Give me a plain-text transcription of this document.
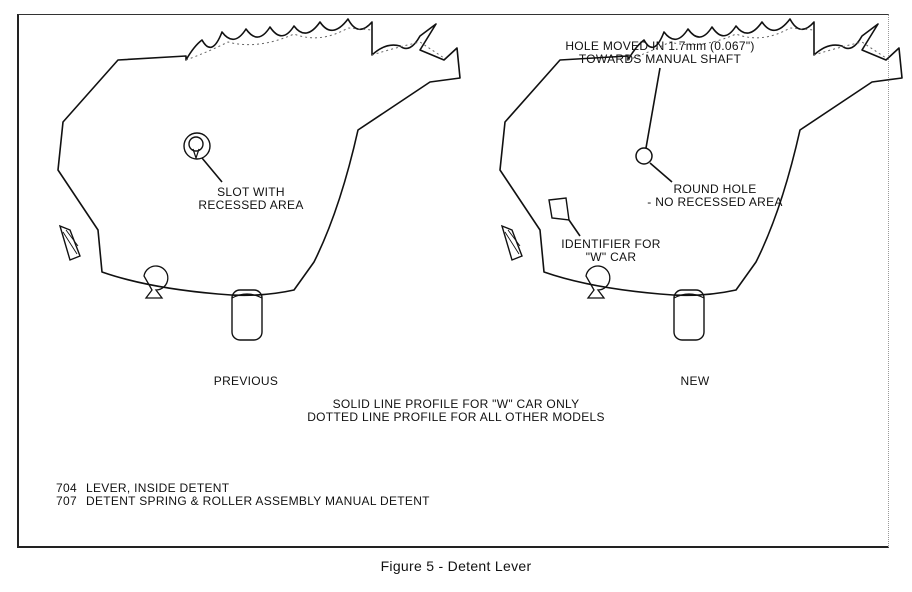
SLOT WITH
RECESSED AREA
PREVIOUS
HOLE MOVED IN 1.7mm (0.067")
TOWARDS MANUAL SHAFT
ROUND HOLE
- NO RECESSED AREA
IDENTIFIER FOR
"W" CAR
NEW
SOLID LINE PROFILE FOR "W" CAR ONLY
DOTTED LINE PROFILE FOR ALL OTHER MODELS
704 LEVER, INSIDE DETENT
707 DETENT SPRING & ROLLER ASSEMBLY MANUAL DETENT
Figure 5 - Detent Lever
